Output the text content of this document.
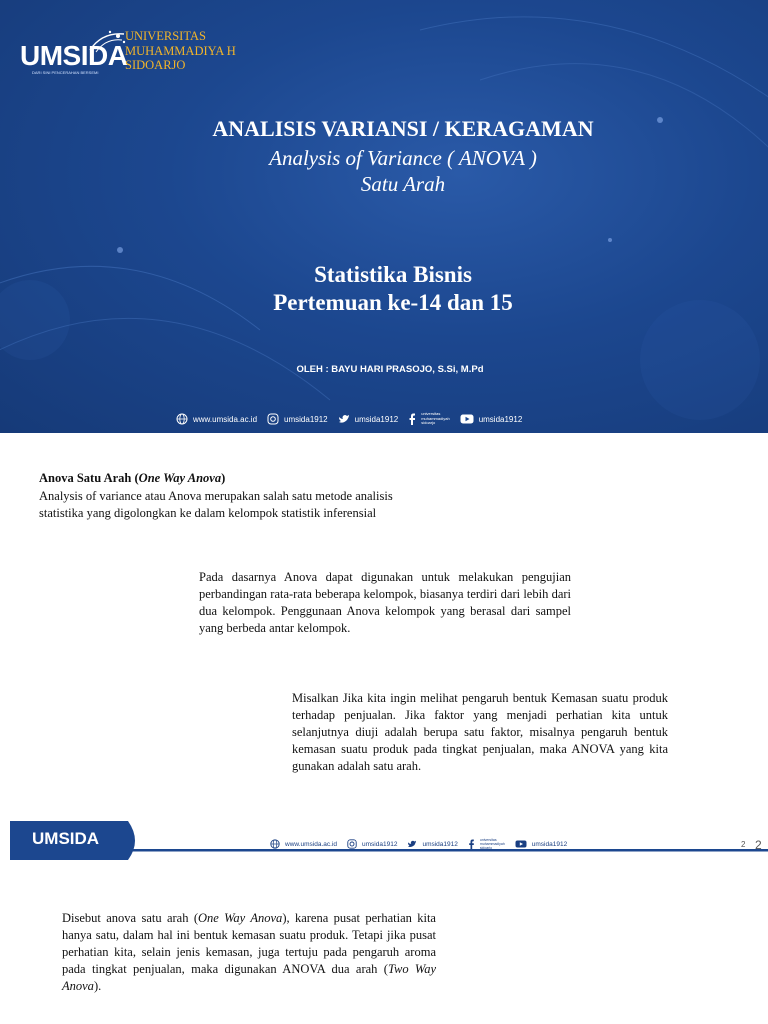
UMSIDA
DARI SINI PENCERAHAN BERSEMI
UNIVERSITAS MUHAMMADIYA H SIDOARJO
ANALISIS VARIANSI / KERAGAMAN
Analysis of Variance ( ANOVA )
Satu Arah
Statistika Bisnis
Pertemuan ke-14 dan 15
OLEH : BAYU HARI PRASOJO, S.Si, M.Pd
www.umsida.ac.id	umsida1912	umsida1912
universitas
muhammadiyah
sidoarjo	umsida1912
Anova Satu Arah (One Way Anova)
Analysis of variance atau Anova merupakan salah satu metode analisis statistika yang digolongkan ke dalam kelompok statistik inferensial
Pada dasarnya Anova dapat digunakan untuk melakukan pengujian perbandingan rata-rata beberapa kelompok, biasanya terdiri dari lebih dari dua kelompok. Penggunaan Anova kelompok yang berasal dari sampel yang berbeda antar kelompok.
Misalkan Jika kita ingin melihat pengaruh bentuk Kemasan suatu produk terhadap penjualan. Jika faktor yang menjadi perhatian kita untuk selanjutnya diuji adalah berupa satu faktor, misalnya pengaruh bentuk kemasan suatu produk pada tingkat penjualan, maka ANOVA yang kita gunakan adalah satu arah.
UMSIDA	www.umsida.ac.id	umsida1912	umsida1912
universitas
muhammadiyah
sidoarjo
umsida1912	2 2
Disebut anova satu arah (One Way Anova), karena pusat perhatian kita hanya satu, dalam hal ini bentuk kemasan suatu produk. Tetapi jika pusat perhatian kita, selain jenis kemasan, juga tertuju pada pengaruh aroma pada tingkat penjualan, maka digunakan ANOVA dua arah (Two Way Anova).
